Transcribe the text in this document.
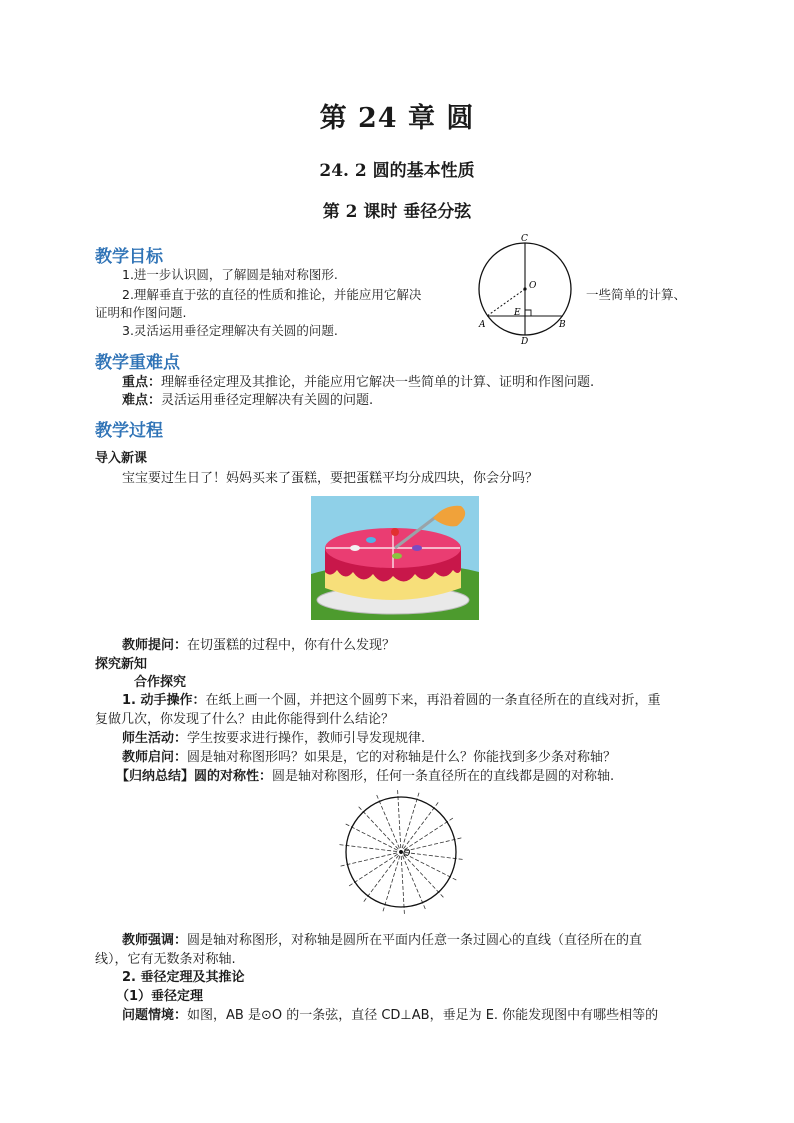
第 24 章 圆
24. 2 圆的基本性质
第 2 课时 垂径分弦
教学目标
1.进一步认识圆，了解圆是轴对称图形.
2.理解垂直于弦的直径的性质和推论，并能应用它解决	一些简单的计算、
证明和作图问题.
3.灵活运用垂径定理解决有关圆的问题.
C
O
E
A	B
D
教学重难点
重点：理解垂径定理及其推论，并能应用它解决一些简单的计算、证明和作图问题.
难点：灵活运用垂径定理解决有关圆的问题.
教学过程
导入新课
宝宝要过生日了！妈妈买来了蛋糕，要把蛋糕平均分成四块，你会分吗？
教师提问：在切蛋糕的过程中，你有什么发现？
探究新知
合作探究
1. 动手操作：在纸上画一个圆，并把这个圆剪下来，再沿着圆的一条直径所在的直线对折，重
复做几次，你发现了什么？由此你能得到什么结论？
师生活动：学生按要求进行操作，教师引导发现规律.
教师启问：圆是轴对称图形吗？如果是，它的对称轴是什么？你能找到多少条对称轴？
【归纳总结】圆的对称性：圆是轴对称图形，任何一条直径所在的直线都是圆的对称轴.
O
教师强调：圆是轴对称图形，对称轴是圆所在平面内任意一条过圆心的直线（直径所在的直
线），它有无数条对称轴.
2. 垂径定理及其推论
（1）垂径定理
问题情境：如图，AB 是⊙O 的一条弦，直径 CD⊥AB，垂足为 E. 你能发现图中有哪些相等的
